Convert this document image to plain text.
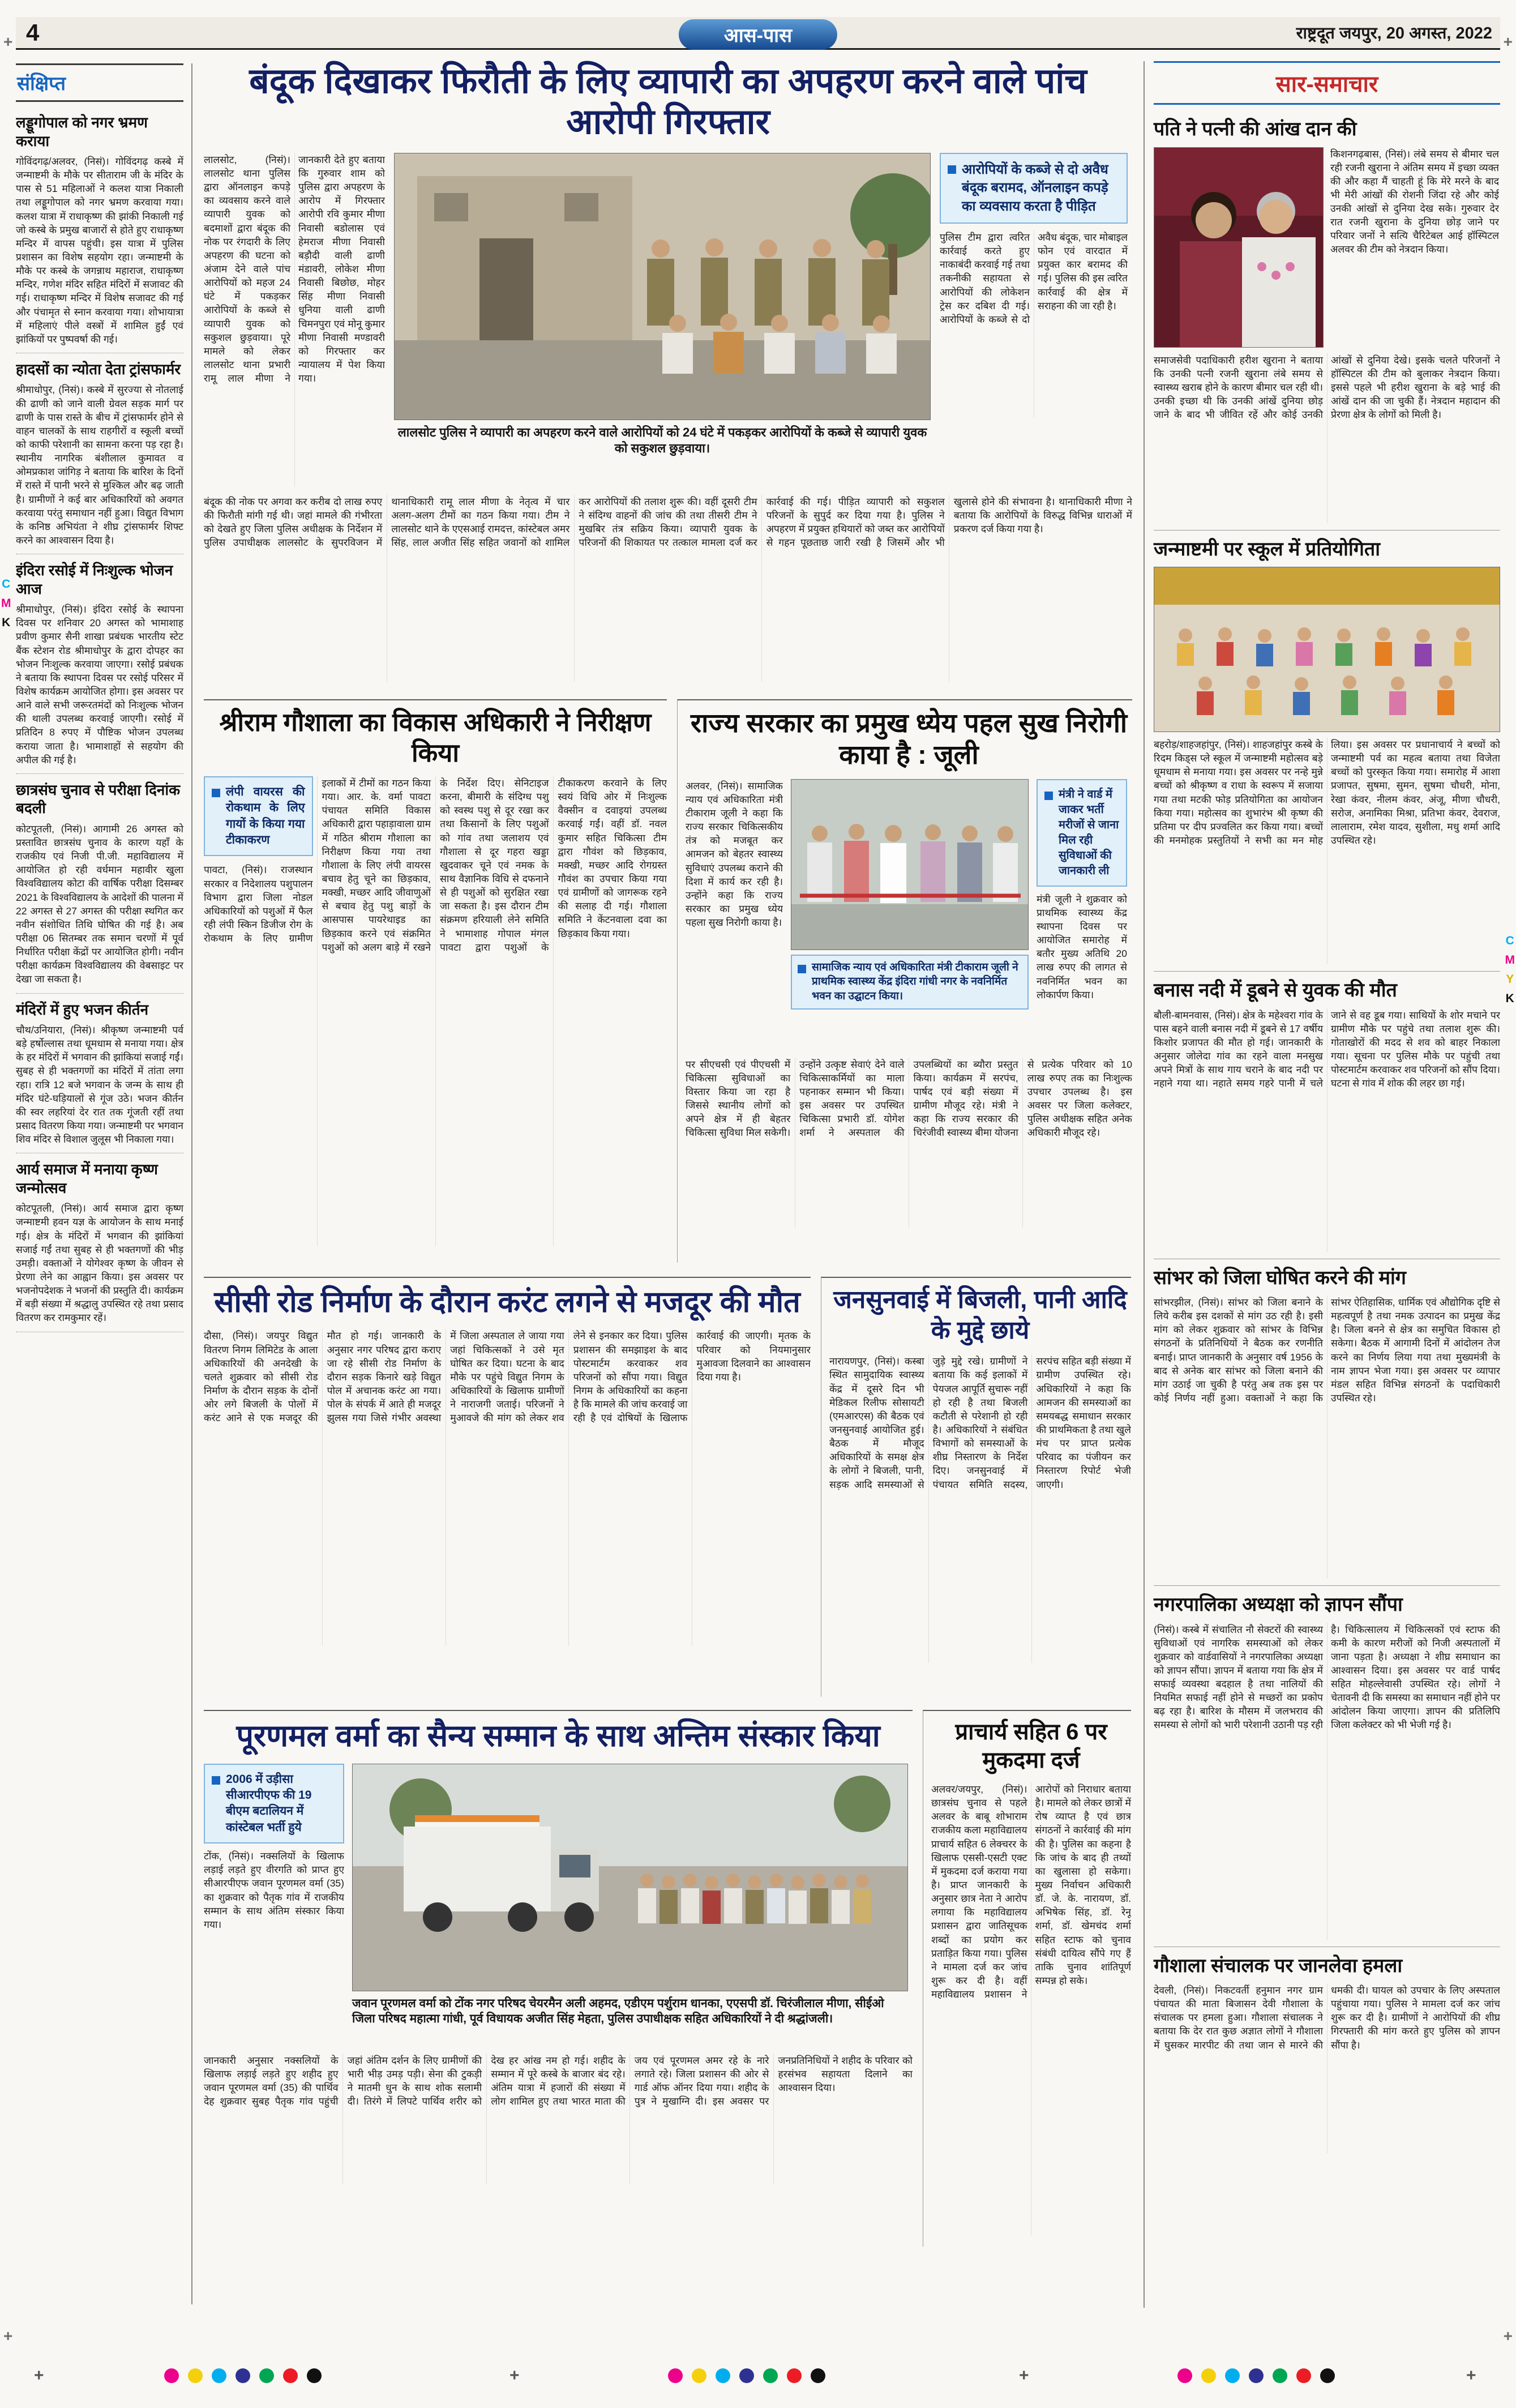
+	+
+	+
4	आस-पास	राष्ट्रदूत जयपुर, 20 अगस्त, 2022
संक्षिप्त
लड्डूगोपाल को नगर भ्रमण कराया

गोविंदगढ़/अलवर, (निसं)। गोविंदगढ़ कस्बे में जन्माष्टमी के मौके पर सीताराम जी के मंदिर के पास से 51 महिलाओं ने कलश यात्रा निकाली तथा लड्डूगोपाल को नगर भ्रमण करवाया गया। कलश यात्रा में राधाकृष्ण की झांकी निकाली गई जो कस्बे के प्रमुख बाजारों से होते हुए राधाकृष्ण मन्दिर में वापस पहुंची। इस यात्रा में पुलिस प्रशासन का विशेष सहयोग रहा। जन्माष्टमी के मौके पर कस्बे के जगन्नाथ महाराज, राधाकृष्ण मन्दिर, गणेश मंदिर सहित मंदिरों में सजावट की गई। राधाकृष्ण मन्दिर में विशेष सजावट की गई और पंचामृत से स्नान करवाया गया। शोभायात्रा में महिलाएं पीले वस्त्रों में शामिल हुईं एवं झांकियों पर पुष्पवर्षा की गई।

हादसों का न्योता देता ट्रांसफार्मर

श्रीमाधोपुर, (निसं)। कस्बे में सुरज्या से नोतलाई की ढाणी को जाने वाली ग्रेवल सड़क मार्ग पर ढाणी के पास रास्ते के बीच में ट्रांसफार्मर होने से वाहन चालकों के साथ राहगीरों व स्कूली बच्चों को काफी परेशानी का सामना करना पड़ रहा है। स्थानीय नागरिक बंशीलाल कुमावत व ओमप्रकाश जांगिड़ ने बताया कि बारिश के दिनों में रास्ते में पानी भरने से मुश्किल और बढ़ जाती है। ग्रामीणों ने कई बार अधिकारियों को अवगत करवाया परंतु समाधान नहीं हुआ। विद्युत विभाग के कनिष्ठ अभियंता ने शीघ्र ट्रांसफार्मर शिफ्ट करने का आश्वासन दिया है।

इंदिरा रसोई में निःशुल्क भोजन आज

श्रीमाधोपुर, (निसं)। इंदिरा रसोई के स्थापना दिवस पर शनिवार 20 अगस्त को भामाशाह प्रवीण कुमार सैनी शाखा प्रबंधक भारतीय स्टेट बैंक स्टेशन रोड श्रीमाधोपुर के द्वारा दोपहर का भोजन निःशुल्क करवाया जाएगा। रसोई प्रबंधक ने बताया कि स्थापना दिवस पर रसोई परिसर में विशेष कार्यक्रम आयोजित होगा। इस अवसर पर आने वाले सभी जरूरतमंदों को निःशुल्क भोजन की थाली उपलब्ध करवाई जाएगी। रसोई में प्रतिदिन 8 रुपए में पौष्टिक भोजन उपलब्ध कराया जाता है। भामाशाहों से सहयोग की अपील की गई है।

छात्रसंघ चुनाव से परीक्षा दिनांक बदली

कोटपूतली, (निसं)। आगामी 26 अगस्त को प्रस्तावित छात्रसंघ चुनाव के कारण यहाँ के राजकीय एवं निजी पी.जी. महाविद्यालय में आयोजित हो रही वर्धमान महावीर खुला विश्वविद्यालय कोटा की वार्षिक परीक्षा दिसम्बर 2021 के विश्वविद्यालय के आदेशों की पालना में 22 अगस्त से 27 अगस्त की परीक्षा स्थगित कर नवीन संशोधित तिथि घोषित की गई है। अब परीक्षा 06 सितम्बर तक समान चरणों में पूर्व निर्धारित परीक्षा केंद्रों पर आयोजित होगी। नवीन परीक्षा कार्यक्रम विश्वविद्यालय की वेबसाइट पर देखा जा सकता है।

मंदिरों में हुए भजन कीर्तन

चौथ/उनियारा, (निसं)। श्रीकृष्ण जन्माष्टमी पर्व बड़े हर्षोल्लास तथा धूमधाम से मनाया गया। क्षेत्र के हर मंदिरों में भगवान की झांकियां सजाई गईं। सुबह से ही भक्तगणों का मंदिरों में तांता लगा रहा। रात्रि 12 बजे भगवान के जन्म के साथ ही मंदिर घंटे-घड़ियालों से गूंज उठे। भजन कीर्तन की स्वर लहरियां देर रात तक गूंजती रहीं तथा प्रसाद वितरण किया गया। जन्माष्टमी पर भगवान शिव मंदिर से विशाल जुलूस भी निकाला गया।

आर्य समाज में मनाया कृष्ण जन्मोत्सव

कोटपूतली, (निसं)। आर्य समाज द्वारा कृष्ण जन्माष्टमी हवन यज्ञ के आयोजन के साथ मनाई गई। क्षेत्र के मंदिरों में भगवान की झांकियां सजाई गईं तथा सुबह से ही भक्तगणों की भीड़ उमड़ी। वक्ताओं ने योगेश्वर कृष्ण के जीवन से प्रेरणा लेने का आह्वान किया। इस अवसर पर भजनोपदेशक ने भजनों की प्रस्तुति दी। कार्यक्रम में बड़ी संख्या में श्रद्धालु उपस्थित रहे तथा प्रसाद वितरण कर रामकुमार रहें।

बंदूक दिखाकर फिरौती के लिए व्यापारी का अपहरण करने वाले पांच आरोपी गिरफ्तार
लालसोट, (निसं)। लालसोट थाना पुलिस द्वारा ऑनलाइन कपड़े का व्यवसाय करने वाले व्यापारी युवक को बदमाशों द्वारा बंदूक की नोक पर रंगदारी के लिए अपहरण की घटना को अंजाम देने वाले पांच आरोपियों को महज 24 घंटे में पकड़कर आरोपियों के कब्जे से व्यापारी युवक को सकुशल छुड़वाया। पूरे मामले को लेकर लालसोट थाना प्रभारी रामू लाल मीणा ने जानकारी देते हुए बताया कि गुरुवार शाम को पुलिस द्वारा अपहरण के आरोप में गिरफ्तार आरोपी रवि कुमार मीणा निवासी बडोलास एवं हेमराज मीणा निवासी बड़ौदी वाली ढाणी मंडावरी, लोकेश मीणा निवासी बिछोछ, मोहर सिंह मीणा निवासी धुनिया वाली ढाणी चिमनपुरा एवं मोनू कुमार मीणा निवासी मण्डावरी को गिरफ्तार कर न्यायालय में पेश किया गया।
लालसोट पुलिस ने व्यापारी का अपहरण करने वाले आरोपियों को 24 घंटे में पकड़कर आरोपियों के कब्जे से व्यापारी युवक को सकुशल छुड़वाया।
आरोपियों के कब्जे से दो अवैध बंदूक बरामद, ऑनलाइन कपड़े का व्यवसाय करता है पीड़ित
पुलिस टीम द्वारा त्वरित कार्रवाई करते हुए नाकाबंदी करवाई गई तथा तकनीकी सहायता से आरोपियों की लोकेशन ट्रेस कर दबिश दी गई। आरोपियों के कब्जे से दो अवैध बंदूक, चार मोबाइल फोन एवं वारदात में प्रयुक्त कार बरामद की गई। पुलिस की इस त्वरित कार्रवाई की क्षेत्र में सराहना की जा रही है।
बंदूक की नोक पर अगवा कर करीब दो लाख रुपए की फिरौती मांगी गई थी। जहां मामले की गंभीरता को देखते हुए जिला पुलिस अधीक्षक के निर्देशन में पुलिस उपाधीक्षक लालसोट के सुपरविजन में थानाधिकारी रामू लाल मीणा के नेतृत्व में चार अलग-अलग टीमों का गठन किया गया। टीम ने लालसोट थाने के एएसआई रामदत्त, कांस्टेबल अमर सिंह, लाल अजीत सिंह सहित जवानों को शामिल कर आरोपियों की तलाश शुरू की। वहीं दूसरी टीम ने संदिग्ध वाहनों की जांच की तथा तीसरी टीम ने मुखबिर तंत्र सक्रिय किया। व्यापारी युवक के परिजनों की शिकायत पर तत्काल मामला दर्ज कर कार्रवाई की गई। पीड़ित व्यापारी को सकुशल परिजनों के सुपुर्द कर दिया गया है। पुलिस ने अपहरण में प्रयुक्त हथियारों को जब्त कर आरोपियों से गहन पूछताछ जारी रखी है जिसमें और भी खुलासे होने की संभावना है। थानाधिकारी मीणा ने बताया कि आरोपियों के विरुद्ध विभिन्न धाराओं में प्रकरण दर्ज किया गया है।
श्रीराम गौशाला का विकास अधिकारी ने निरीक्षण किया
लंपी वायरस की रोकथाम के लिए गायों के किया गया टीकाकरण

पावटा, (निसं)। राजस्थान सरकार व निदेशालय पशुपालन विभाग द्वारा जिला नोडल अधिकारियों को पशुओं में फैल रही लंपी स्किन डिजीज रोग के रोकथाम के लिए ग्रामीण इलाकों में टीमों का गठन किया गया। आर. के. वर्मा पावटा पंचायत समिति विकास अधिकारी द्वारा पहाड़ावाला ग्राम में गठित श्रीराम गौशाला का निरीक्षण किया गया तथा गौशाला के लिए लंपी वायरस बचाव हेतु चूने का छिड़काव, मक्खी, मच्छर आदि जीवाणुओं से बचाव हेतु पशु बाड़ों के आसपास पायरेथाइड का छिड़काव करने एवं संक्रमित पशुओं को अलग बाड़े में रखने के निर्देश दिए। सेनिटाइज करना, बीमारी के संदिग्ध पशु को स्वस्थ पशु से दूर रखा कर तथा किसानों के लिए पशुओं को गांव तथा जलाशय एवं गौशाला से दूर गहरा खड्डा खुदवाकर चूने एवं नमक के साथ वैज्ञानिक विधि से दफनाने से ही पशुओं को सुरक्षित रखा जा सकता है। इस दौरान टीम संक्रमण हरियाली लेने समिति ने भामाशाह गोपाल मंगल पावटा द्वारा पशुओं के टीकाकरण करवाने के लिए स्वयं विधि ओर में निःशुल्क वैक्सीन व दवाइयां उपलब्ध करवाई गईं। वहीं डॉ. नवल कुमार सहित चिकित्सा टीम द्वारा गौवंश को छिड़काव, मक्खी, मच्छर आदि रोगग्रस्त गौवंश का उपचार किया गया एवं ग्रामीणों को जागरूक रहने की सलाह दी गई। गौशाला समिति ने केंटनवाला दवा का छिड़काव किया गया।

राज्य सरकार का प्रमुख ध्येय पहल सुख निरोगी काया है : जूली
अलवर, (निसं)। सामाजिक न्याय एवं अधिकारिता मंत्री टीकाराम जूली ने कहा कि राज्य सरकार चिकित्सकीय तंत्र को मजबूत कर आमजन को बेहतर स्वास्थ्य सुविधाएं उपलब्ध कराने की दिशा में कार्य कर रही है। उन्होंने कहा कि राज्य सरकार का प्रमुख ध्येय पहला सुख निरोगी काया है।
सामाजिक न्याय एवं अधिकारिता मंत्री टीकाराम जूली ने प्राथमिक स्वास्थ्य केंद्र इंदिरा गांधी नगर के नवनिर्मित भवन का उद्घाटन किया।
मंत्री ने वार्ड में जाकर भर्ती मरीजों से जाना मिल रही सुविधाओं की जानकारी ली
मंत्री जूली ने शुक्रवार को प्राथमिक स्वास्थ्य केंद्र स्थापना दिवस पर आयोजित समारोह में बतौर मुख्य अतिथि 20 लाख रुपए की लागत से नवनिर्मित भवन का लोकार्पण किया।
पर सीएचसी एवं पीएचसी में चिकित्सा सुविधाओं का विस्तार किया जा रहा है जिससे स्थानीय लोगों को अपने क्षेत्र में ही बेहतर चिकित्सा सुविधा मिल सकेगी। उन्होंने उत्कृष्ट सेवाएं देने वाले चिकित्साकर्मियों का माला पहनाकर सम्मान भी किया। इस अवसर पर उपस्थित चिकित्सा प्रभारी डॉ. योगेश शर्मा ने अस्पताल की उपलब्धियों का ब्यौरा प्रस्तुत किया। कार्यक्रम में सरपंच, पार्षद एवं बड़ी संख्या में ग्रामीण मौजूद रहे। मंत्री ने कहा कि राज्य सरकार की चिरंजीवी स्वास्थ्य बीमा योजना से प्रत्येक परिवार को 10 लाख रुपए तक का निःशुल्क उपचार उपलब्ध है। इस अवसर पर जिला कलेक्टर, पुलिस अधीक्षक सहित अनेक अधिकारी मौजूद रहे।
सीसी रोड निर्माण के दौरान करंट लगने से मजदूर की मौत
दौसा, (निसं)। जयपुर विद्युत वितरण निगम लिमिटेड के आला अधिकारियों की अनदेखी के चलते शुक्रवार को सीसी रोड निर्माण के दौरान सड़क के दोनों ओर लगे बिजली के पोलों में करंट आने से एक मजदूर की मौत हो गई। जानकारी के अनुसार नगर परिषद द्वारा कराए जा रहे सीसी रोड निर्माण के दौरान सड़क किनारे खड़े विद्युत पोल में अचानक करंट आ गया। पोल के संपर्क में आते ही मजदूर झुलस गया जिसे गंभीर अवस्था में जिला अस्पताल ले जाया गया जहां चिकित्सकों ने उसे मृत घोषित कर दिया। घटना के बाद मौके पर पहुंचे विद्युत निगम के अधिकारियों के खिलाफ ग्रामीणों ने नाराजगी जताई। परिजनों ने मुआवजे की मांग को लेकर शव लेने से इनकार कर दिया। पुलिस प्रशासन की समझाइश के बाद पोस्टमार्टम करवाकर शव परिजनों को सौंपा गया। विद्युत निगम के अधिकारियों का कहना है कि मामले की जांच करवाई जा रही है एवं दोषियों के खिलाफ कार्रवाई की जाएगी। मृतक के परिवार को नियमानुसार मुआवजा दिलवाने का आश्वासन दिया गया है।
जनसुनवाई में बिजली, पानी आदि के मुद्दे छाये
नारायणपुर, (निसं)। कस्बा स्थित सामुदायिक स्वास्थ्य केंद्र में दूसरे दिन भी मेडिकल रिलीफ सोसायटी (एमआरएस) की बैठक एवं जनसुनवाई आयोजित हुई। बैठक में मौजूद अधिकारियों के समक्ष क्षेत्र के लोगों ने बिजली, पानी, सड़क आदि समस्याओं से जुड़े मुद्दे रखे। ग्रामीणों ने बताया कि कई इलाकों में पेयजल आपूर्ति सुचारू नहीं हो रही है तथा बिजली कटौती से परेशानी हो रही है। अधिकारियों ने संबंधित विभागों को समस्याओं के शीघ्र निस्तारण के निर्देश दिए। जनसुनवाई में पंचायत समिति सदस्य, सरपंच सहित बड़ी संख्या में ग्रामीण उपस्थित रहे। अधिकारियों ने कहा कि आमजन की समस्याओं का समयबद्ध समाधान सरकार की प्राथमिकता है तथा खुले मंच पर प्राप्त प्रत्येक परिवाद का पंजीयन कर निस्तारण रिपोर्ट भेजी जाएगी।
पूरणमल वर्मा का सैन्य सम्मान के साथ अन्तिम संस्कार किया
2006 में उड़ीसा सीआरपीएफ की 19 बीएम बटालियन में कांस्टेबल भर्ती हुये
टोंक, (निसं)। नक्सलियों के खिलाफ लड़ाई लड़ते हुए वीरगति को प्राप्त हुए सीआरपीएफ जवान पूरणमल वर्मा (35) का शुक्रवार को पैतृक गांव में राजकीय सम्मान के साथ अंतिम संस्कार किया गया।
जवान पूरणमल वर्मा को टोंक नगर परिषद चेयरमैन अली अहमद, एडीएम पर्शुराम धानका, एएसपी डॉ. चिरंजीलाल मीणा, सीईओ जिला परिषद महात्मा गांधी, पूर्व विधायक अजीत सिंह मेहता, पुलिस उपाधीक्षक सहित अधिकारियों ने दी श्रद्धांजली।
जानकारी अनुसार नक्सलियों के खिलाफ लड़ाई लड़ते हुए शहीद हुए जवान पूरणमल वर्मा (35) की पार्थिव देह शुक्रवार सुबह पैतृक गांव पहुंची जहां अंतिम दर्शन के लिए ग्रामीणों की भारी भीड़ उमड़ पड़ी। सेना की टुकड़ी ने मातमी धुन के साथ शोक सलामी दी। तिरंगे में लिपटे पार्थिव शरीर को देख हर आंख नम हो गई। शहीद के सम्मान में पूरे कस्बे के बाजार बंद रहे। अंतिम यात्रा में हजारों की संख्या में लोग शामिल हुए तथा भारत माता की जय एवं पूरणमल अमर रहे के नारे लगाते रहे। जिला प्रशासन की ओर से गार्ड ऑफ ऑनर दिया गया। शहीद के पुत्र ने मुखाग्नि दी। इस अवसर पर जनप्रतिनिधियों ने शहीद के परिवार को हरसंभव सहायता दिलाने का आश्वासन दिया।
प्राचार्य सहित 6 पर मुकदमा दर्ज
अलवर/जयपुर, (निसं)। छात्रसंघ चुनाव से पहले अलवर के बाबू शोभाराम राजकीय कला महाविद्यालय प्राचार्य सहित 6 लेक्चरर के खिलाफ एससी-एसटी एक्ट में मुकदमा दर्ज कराया गया है। प्राप्त जानकारी के अनुसार छात्र नेता ने आरोप लगाया कि महाविद्यालय प्रशासन द्वारा जातिसूचक शब्दों का प्रयोग कर प्रताड़ित किया गया। पुलिस ने मामला दर्ज कर जांच शुरू कर दी है। वहीं महाविद्यालय प्रशासन ने आरोपों को निराधार बताया है। मामले को लेकर छात्रों में रोष व्याप्त है एवं छात्र संगठनों ने कार्रवाई की मांग की है। पुलिस का कहना है कि जांच के बाद ही तथ्यों का खुलासा हो सकेगा। मुख्य निर्वाचन अधिकारी डॉ. जे. के. नारायण, डॉ. अभिषेक सिंह, डॉ. रेनू शर्मा, डॉ. खेमचंद शर्मा सहित स्टाफ को चुनाव संबंधी दायित्व सौंपे गए हैं ताकि चुनाव शांतिपूर्ण सम्पन्न हो सके।
सार-समाचार
पति ने पत्नी की आंख दान की
किशनगढ़बास, (निसं)। लंबे समय से बीमार चल रही रजनी खुराना ने अंतिम समय में इच्छा व्यक्त की और कहा मैं चाहती हूं कि मेरे मरने के बाद भी मेरी आंखों की रोशनी जिंदा रहे और कोई उनकी आंखों से दुनिया देख सके। गुरुवार देर रात रजनी खुराना के दुनिया छोड़ जाने पर परिवार जनों ने सत्यि चैरिटेबल आई हॉस्पिटल अलवर की टीम को नेत्रदान किया।
समाजसेवी पदाधिकारी हरीश खुराना ने बताया कि उनकी पत्नी रजनी खुराना लंबे समय से स्वास्थ्य खराब होने के कारण बीमार चल रही थी। उनकी इच्छा थी कि उनकी आंखें दुनिया छोड़ जाने के बाद भी जीवित रहें और कोई उनकी आंखों से दुनिया देखे। इसके चलते परिजनों ने हॉस्पिटल की टीम को बुलाकर नेत्रदान किया। इससे पहले भी हरीश खुराना के बड़े भाई की आंखें दान की जा चुकी हैं। नेत्रदान महादान की प्रेरणा क्षेत्र के लोगों को मिली है।
जन्माष्टमी पर स्कूल में प्रतियोगिता
बहरोड़/शाहजहांपुर, (निसं)। शाहजहांपुर कस्बे के रिदम किड्स प्ले स्कूल में जन्माष्टमी महोत्सव बड़े धूमधाम से मनाया गया। इस अवसर पर नन्हे मुन्ने बच्चों को श्रीकृष्ण व राधा के स्वरूप में सजाया गया तथा मटकी फोड़ प्रतियोगिता का आयोजन किया गया। महोत्सव का शुभारंभ श्री कृष्ण की प्रतिमा पर दीप प्रज्वलित कर किया गया। बच्चों की मनमोहक प्रस्तुतियों ने सभी का मन मोह लिया। इस अवसर पर प्रधानाचार्य ने बच्चों को जन्माष्टमी पर्व का महत्व बताया तथा विजेता बच्चों को पुरस्कृत किया गया। समारोह में आशा प्रजापत, सुषमा, सुमन, सुषमा चौधरी, मोना, रेखा कंवर, नीलम कंवर, अंजू, मीणा चौधरी, सरोज, अनामिका मिश्रा, प्रतिभा कंवर, देवराज, लालाराम, रमेश यादव, सुशीला, मधु शर्मा आदि उपस्थित रहे।
बनास नदी में डूबने से युवक की मौत
बौली-बामनवास, (निसं)। क्षेत्र के महेश्वरा गांव के पास बहने वाली बनास नदी में डूबने से 17 वर्षीय किशोर प्रजापत की मौत हो गई। जानकारी के अनुसार जोलेदा गांव का रहने वाला मनसुख अपने मित्रों के साथ गाय चराने के बाद नदी पर नहाने गया था। नहाते समय गहरे पानी में चले जाने से वह डूब गया। साथियों के शोर मचाने पर ग्रामीण मौके पर पहुंचे तथा तलाश शुरू की। गोताखोरों की मदद से शव को बाहर निकाला गया। सूचना पर पुलिस मौके पर पहुंची तथा पोस्टमार्टम करवाकर शव परिजनों को सौंप दिया। घटना से गांव में शोक की लहर छा गई।
सांभर को जिला घोषित करने की मांग
सांभरझील, (निसं)। सांभर को जिला बनाने के लिये करीब इस दशकों से मांग उठ रही है। इसी मांग को लेकर शुक्रवार को सांभर के विभिन्न संगठनों के प्रतिनिधियों ने बैठक कर रणनीति बनाई। प्राप्त जानकारी के अनुसार वर्ष 1956 के बाद से अनेक बार सांभर को जिला बनाने की मांग उठाई जा चुकी है परंतु अब तक इस पर कोई निर्णय नहीं हुआ। वक्ताओं ने कहा कि सांभर ऐतिहासिक, धार्मिक एवं औद्योगिक दृष्टि से महत्वपूर्ण है तथा नमक उत्पादन का प्रमुख केंद्र है। जिला बनने से क्षेत्र का समुचित विकास हो सकेगा। बैठक में आगामी दिनों में आंदोलन तेज करने का निर्णय लिया गया तथा मुख्यमंत्री के नाम ज्ञापन भेजा गया। इस अवसर पर व्यापार मंडल सहित विभिन्न संगठनों के पदाधिकारी उपस्थित रहे।
नगरपालिका अध्यक्षा को ज्ञापन सौंपा
(निसं)। कस्बे में संचालित नौ सेक्टरों की स्वास्थ्य सुविधाओं एवं नागरिक समस्याओं को लेकर शुक्रवार को वार्डवासियों ने नगरपालिका अध्यक्षा को ज्ञापन सौंपा। ज्ञापन में बताया गया कि क्षेत्र में सफाई व्यवस्था बदहाल है तथा नालियों की नियमित सफाई नहीं होने से मच्छरों का प्रकोप बढ़ रहा है। बारिश के मौसम में जलभराव की समस्या से लोगों को भारी परेशानी उठानी पड़ रही है। चिकित्सालय में चिकित्सकों एवं स्टाफ की कमी के कारण मरीजों को निजी अस्पतालों में जाना पड़ता है। अध्यक्षा ने शीघ्र समाधान का आश्वासन दिया। इस अवसर पर वार्ड पार्षद सहित मोहल्लेवासी उपस्थित रहे। लोगों ने चेतावनी दी कि समस्या का समाधान नहीं होने पर आंदोलन किया जाएगा। ज्ञापन की प्रतिलिपि जिला कलेक्टर को भी भेजी गई है।
गौशाला संचालक पर जानलेवा हमला
देवली, (निसं)। निकटवर्ती हनुमान नगर ग्राम पंचायत की माता बिजासन देवी गौशाला के संचालक पर हमला हुआ। गौशाला संचालक ने बताया कि देर रात कुछ अज्ञात लोगों ने गौशाला में घुसकर मारपीट की तथा जान से मारने की धमकी दी। घायल को उपचार के लिए अस्पताल पहुंचाया गया। पुलिस ने मामला दर्ज कर जांच शुरू कर दी है। ग्रामीणों ने आरोपियों की शीघ्र गिरफ्तारी की मांग करते हुए पुलिस को ज्ञापन सौंपा है।
C
M
K
C
M
Y
K
+	+	+	+
